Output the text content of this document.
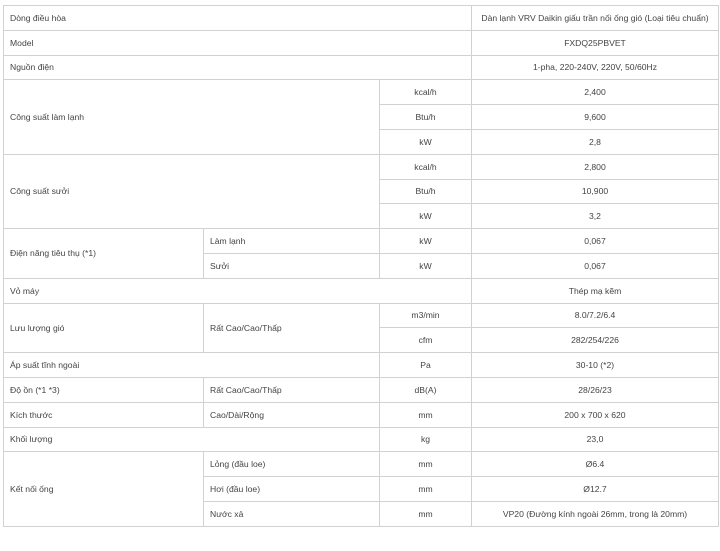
Dòng điều hòa			Dàn lạnh VRV Daikin giấu trần nối ống gió (Loại tiêu chuẩn)
Model			FXDQ25PBVET
Nguồn điện			1-pha, 220-240V, 220V, 50/60Hz
Công suất làm lạnh		kcal/h	2,400
		Btu/h	9,600
		kW	2,8
Công suất sưởi		kcal/h	2,800
		Btu/h	10,900
		kW	3,2
Điện năng tiêu thụ (*1)	Làm lạnh	kW	0,067
	Sưởi	kW	0,067
Vỏ máy			Thép mạ kẽm
Lưu lượng gió	Rất Cao/Cao/Thấp	m3/min	8.0/7.2/6.4
		cfm	282/254/226
Áp suất tĩnh ngoài		Pa	30-10 (*2)
Độ ồn (*1 *3)	Rất Cao/Cao/Thấp	dB(A)	28/26/23
Kích thước	Cao/Dài/Rộng	mm	200 x 700 x 620
Khối lượng		kg	23,0
Kết nối ống	Lỏng (đầu loe)	mm	Ø6.4
	Hơi (đầu loe)	mm	Ø12.7
	Nước xả	mm	VP20 (Đường kính ngoài 26mm, trong là 20mm)
